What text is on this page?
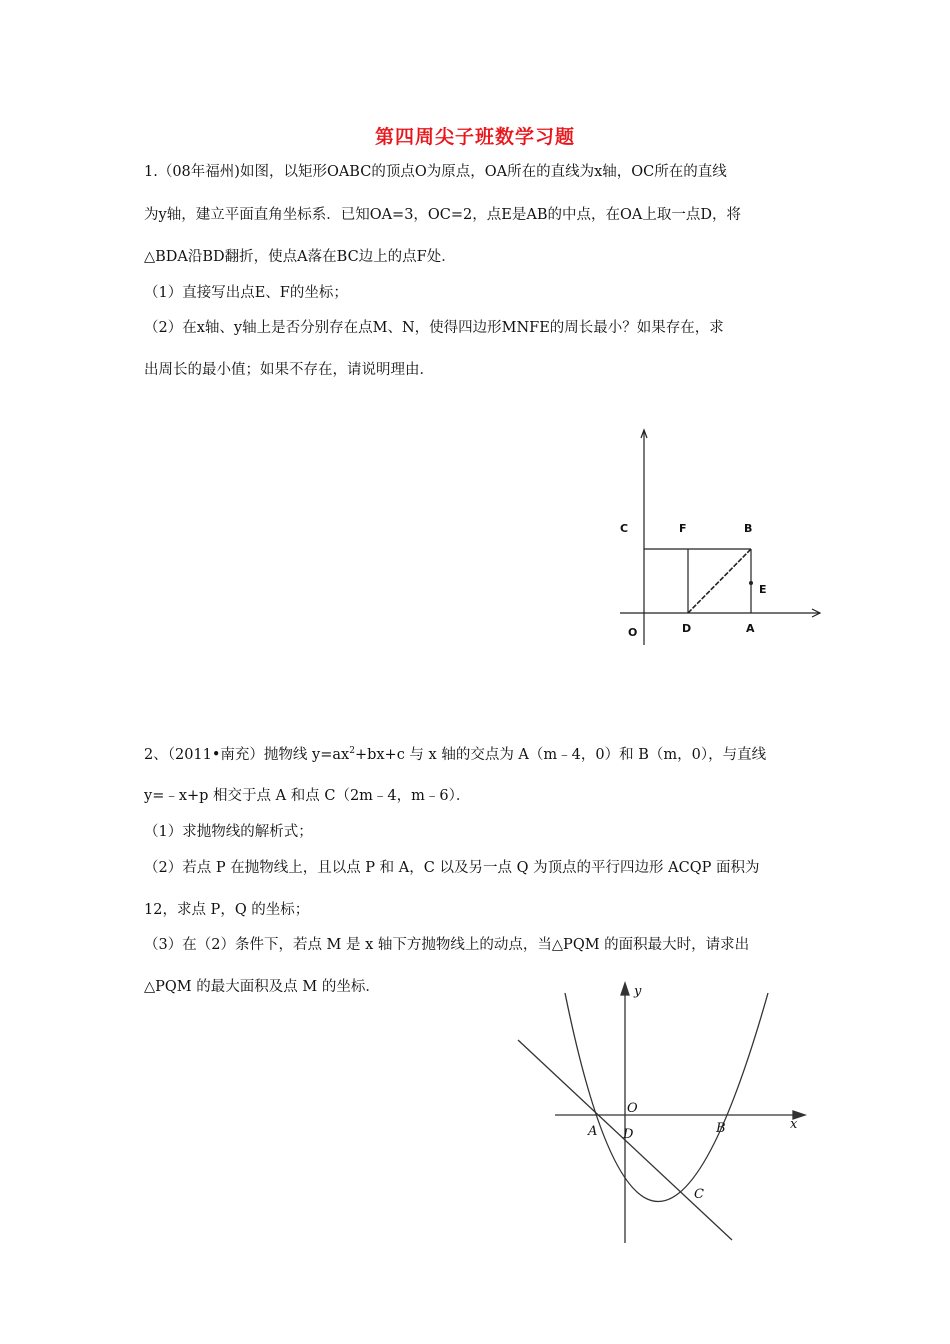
第四周尖子班数学习题
1.（08年福州)如图，以矩形OABC的顶点O为原点，OA所在的直线为x轴，OC所在的直线
为y轴，建立平面直角坐标系．已知OA=3，OC=2，点E是AB的中点，在OA上取一点D，将
△BDA沿BD翻折，使点A落在BC边上的点F处．
（1）直接写出点E、F的坐标；
（2）在x轴、y轴上是否分别存在点M、N，使得四边形MNFE的周长最小？如果存在，求
出周长的最小值；如果不存在，请说明理由．
C	F	B
E
O	D	A
2、（2011•南充）抛物线 $y=ax^2+bx+c$ 与 x 轴的交点为 A（m﹣4，0）和 B（m，0），与直线
y=﹣x+p 相交于点 A 和点 C（2m﹣4，m﹣6）．
（1）求抛物线的解析式；
（2）若点 P 在抛物线上，且以点 P 和 A，C 以及另一点 Q 为顶点的平行四边形 ACQP 面积为
12，求点 P，Q 的坐标；
（3）在（2）条件下，若点 M 是 x 轴下方抛物线上的动点，当△PQM 的面积最大时，请求出
△PQM 的最大面积及点 M 的坐标．	y
O
x
A D	B
C
